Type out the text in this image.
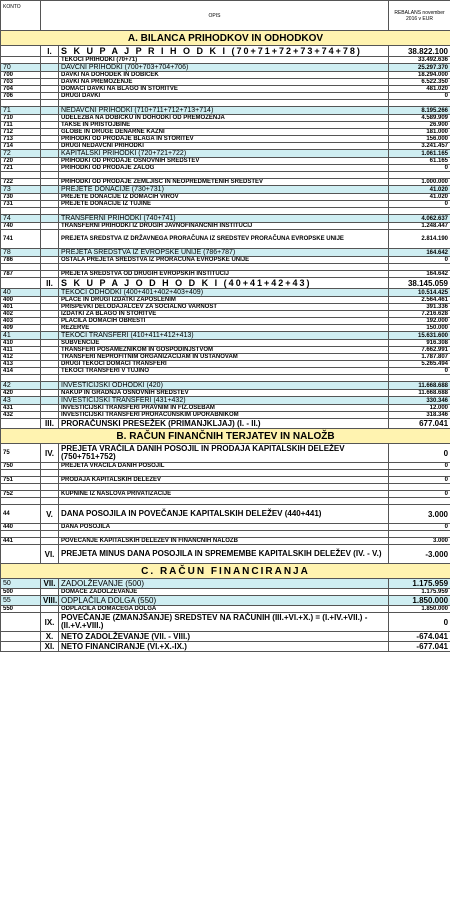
KONTO	OPIS		REBALANS november 2016 v EUR
A. BILANCA PRIHODKOV IN ODHODKOV			
	I.	S K U P A J P R I H O D K I (70+71+72+73+74+78)	38.822.100
		TEKOČI PRIHODKI (70+71)	33.492.636
70		DAVČNI PRIHODKI (700+703+704+706)	25.297.370
700		DAVKI NA DOHODEK IN DOBIČEK	18.294.000
703		DAVKI NA PREMOŽENJE	6.522.350
704		DOMAČI DAVKI NA BLAGO IN STORITVE	481.020
706		DRUGI DAVKI	0

71		NEDAVČNI PRIHODKI (710+711+712+713+714)	8.195.266
710		UDELEŽBA NA DOBIČKU IN DOHODKI OD PREMOŽENJA	4.589.909
711		TAKSE IN PRISTOJBINE	26.900
712		GLOBE IN DRUGE DENARNE KAZNI	181.000
713		PRIHODKI OD PRODAJE BLAGA IN STORITEV	156.000
714		DRUGI NEDAVČNI PRIHODKI	3.241.457
72		KAPITALSKI PRIHODKI (720+721+722)	1.061.165
720		PRIHODKI OD PRODAJE OSNOVNIH SREDSTEV	61.165
721		PRIHODKI OD PRODAJE ZALOG	0

722		PRIHODKI OD PRODAJE ZEMLJIŠČ IN NEOPREDMETENIH SREDSTEV	1.000.000
73		PREJETE DONACIJE (730+731)	41.020
730		PREJETE DONACIJE IZ DOMAČIH VIROV	41.020
731		PREJETE DONACIJE IZ TUJINE	0

74		TRANSFERNI PRIHODKI (740+741)	4.062.637
740		TRANSFERNI PRIHODKI IZ DRUGIH JAVNOFINANČNIH INSTITUCIJ	1.248.447
741		PREJETA SREDSTVA IZ DRŽAVNEGA PRORAČUNA IZ SREDSTEV PRORAČUNA EVROPSKE UNIJE	2.814.190
78		PREJETA SREDSTVA IZ EVROPSKE UNIJE (786+787)	164.642
786		OSTALA PREJETA SREDSTVA IZ PRORAČUNA EVROPSKE UNIJE	0

787		PREJETA SREDSTVA OD DRUGIH EVROPSKIH INSTITUCIJ	164.642
	II.	S K U P A J O D H O D K I (40+41+42+43)	38.145.059
40		TEKOČI ODHODKI (400+401+402+403+409)	10.514.425
400		PLAČE IN DRUGI IZDATKI ZAPOSLENIM	2.564.461
401		PRISPEVKI DELODAJALCEV ZA SOCIALNO VARNOST	391.336
402		IZDATKI ZA BLAGO IN STORITVE	7.216.628
403		PLAČILA DOMAČIH OBRESTI	192.000
409		REZERVE	150.000
41		TEKOČI TRANSFERI (410+411+412+413)	15.631.600
410		SUBVENCIJE	916.308
411		TRANSFERI POSAMEZNIKOM IN GOSPODINJSTVOM	7.662.991
412		TRANSFERI NEPROFITNIM ORGANIZACIJAM IN USTANOVAM	1.787.807
413		DRUGI TEKOČI DOMAČI TRANSFERI	5.265.494
414		TEKOČI TRANSFERI V TUJINO	0

42		INVESTICIJSKI ODHODKI (420)	11.668.688
420		NAKUP IN GRADNJA OSNOVNIH SREDSTEV	11.668.688
43		INVESTICIJSKI TRANSFERI (431+432)	330.346
431		INVESTICIJSKI TRANSFERI PRAVNIM IN FIZ.OSEBAM	12.000
432		INVESTICIJSKI TRANSFERI PRORAČUNSKIM UPORABNIKOM	318.346
	III.	PRORAČUNSKI PRESEŽEK (PRIMANJKLJAJ) (I. - II.)	677.041
B. RAČUN FINANČNIH TERJATEV IN NALOŽB			
75	IV.	PREJETA VRAČILA DANIH POSOJIL IN PRODAJA KAPITALSKIH DELEŽEV (750+751+752)	0
750		PREJETA VRAČILA DANIH POSOJIL	0

751		PRODAJA KAPITALSKIH DELEŽEV	0

752		KUPNINE IZ NASLOVA PRIVATIZACIJE	0

44	V.	DANA POSOJILA IN POVEČANJE KAPITALSKIH DELEŽEV (440+441)	3.000
440		DANA POSOJILA	0

441		POVEČANJE KAPITALSKIH DELEŽEV IN FINANČNIH NALOŽB	3.000
	VI.	PREJETA MINUS DANA POSOJILA IN SPREMEMBE KAPITALSKIH DELEŽEV (IV. - V.)	-3.000
C. RAČUN FINANCIRANJA			
50	VII.	ZADOLŽEVANJE (500)	1.175.959
500		DOMAČE ZADOLŽEVANJE	1.175.959
55	VIII.	ODPLAČILA DOLGA (550)	1.850.000
550		ODPLAČILA DOMAČEGA DOLGA	1.850.000
	IX.	POVEČANJE (ZMANJŠANJE) SREDSTEV NA RAČUNIH (III.+VI.+X.) = (I.+IV.+VII.) - (II.+V.+VIII.)	0
	X.	NETO ZADOLŽEVANJE (VII. - VIII.)	-674.041
	XI.	NETO FINANCIRANJE (VI.+X.-IX.)	-677.041
